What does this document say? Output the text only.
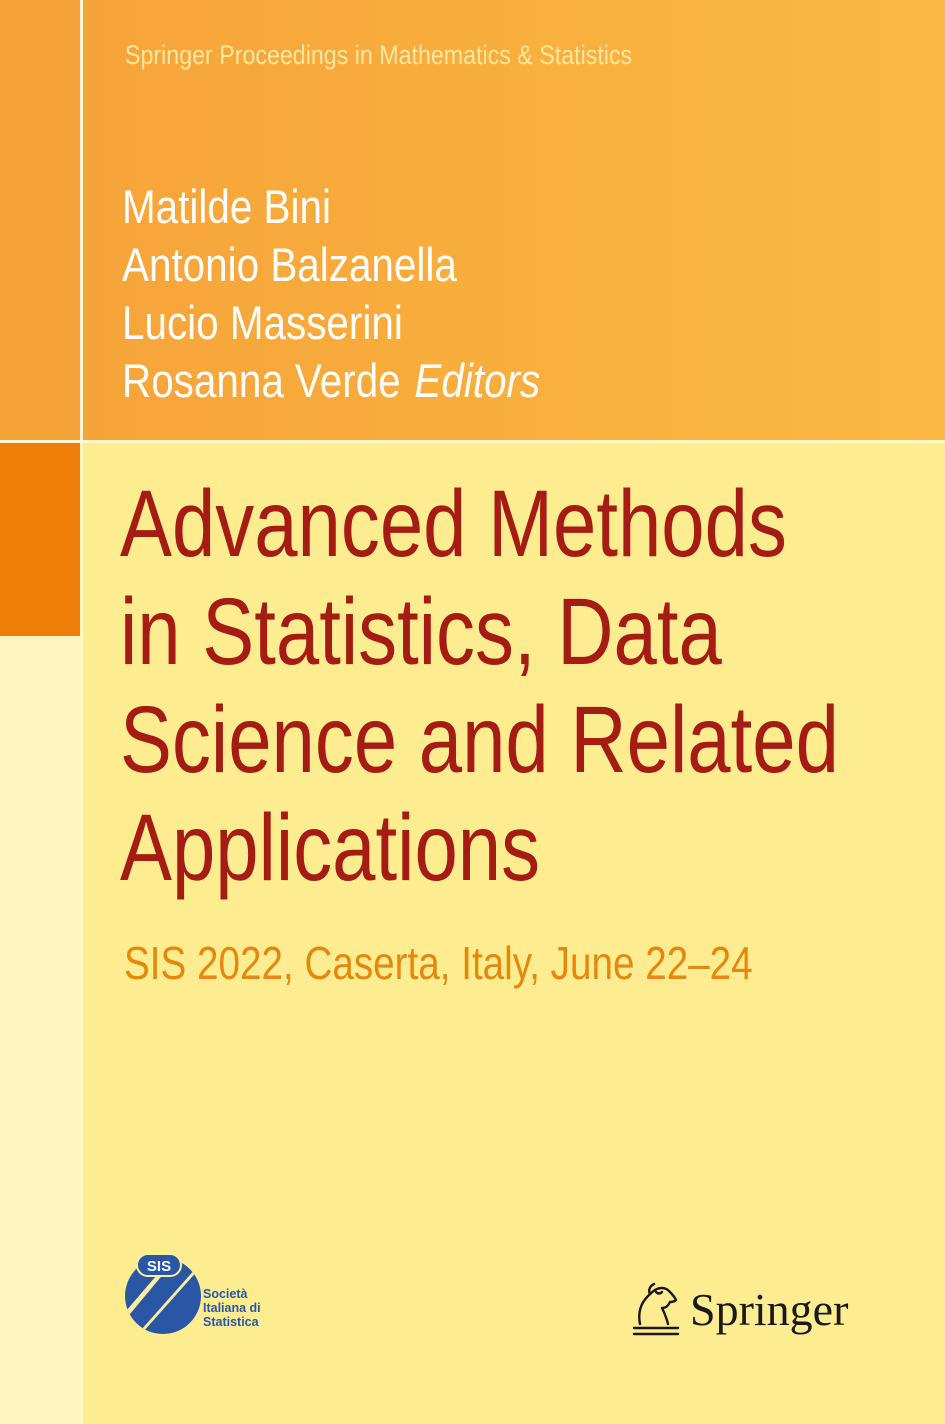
Springer Proceedings in Mathematics & Statistics
Matilde Bini
Antonio Balzanella
Lucio Masserini
Rosanna Verde Editors
Advanced Methods
in Statistics, Data
Science and Related
Applications
SIS 2022, Caserta, Italy, June 22–24
SIS
Società
Italiana di
Statistica	Springer
